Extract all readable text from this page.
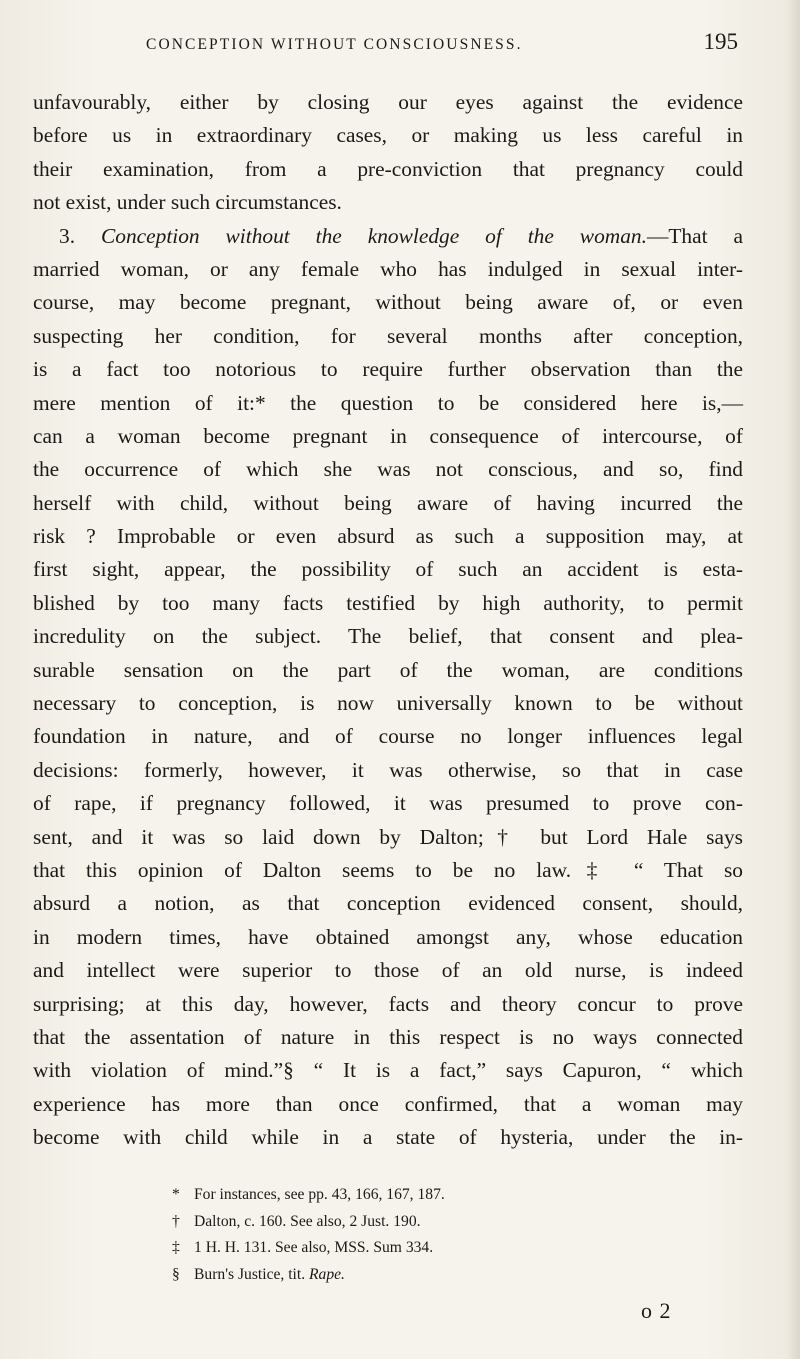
CONCEPTION WITHOUT CONSCIOUSNESS.	195
unfavourably, either by closing our eyes against the evidence
before us in extraordinary cases, or making us less careful in
their examination, from a pre-conviction that pregnancy could
not exist, under such circumstances.
3. Conception without the knowledge of the woman.—That a
married woman, or any female who has indulged in sexual inter-
course, may become pregnant, without being aware of, or even
suspecting her condition, for several months after conception,
is a fact too notorious to require further observation than the
mere mention of it:* the question to be considered here is,—
can a woman become pregnant in consequence of intercourse, of
the occurrence of which she was not conscious, and so, find
herself with child, without being aware of having incurred the
risk ? Improbable or even absurd as such a supposition may, at
first sight, appear, the possibility of such an accident is esta-
blished by too many facts testified by high authority, to permit
incredulity on the subject. The belief, that consent and plea-
surable sensation on the part of the woman, are conditions
necessary to conception, is now universally known to be without
foundation in nature, and of course no longer influences legal
decisions: formerly, however, it was otherwise, so that in case
of rape, if pregnancy followed, it was presumed to prove con-
sent, and it was so laid down by Dalton;† but Lord Hale says
that this opinion of Dalton seems to be no law.‡ “ That so
absurd a notion, as that conception evidenced consent, should,
in modern times, have obtained amongst any, whose education
and intellect were superior to those of an old nurse, is indeed
surprising; at this day, however, facts and theory concur to prove
that the assentation of nature in this respect is no ways connected
with violation of mind.”§ “ It is a fact,” says Capuron, “ which
experience has more than once confirmed, that a woman may
become with child while in a state of hysteria, under the in-
* For instances, see pp. 43, 166, 167, 187.
† Dalton, c. 160. See also, 2 Just. 190.
‡ 1 H. H. 131. See also, MSS. Sum 334.
§ Burn's Justice, tit. Rape.
o 2
